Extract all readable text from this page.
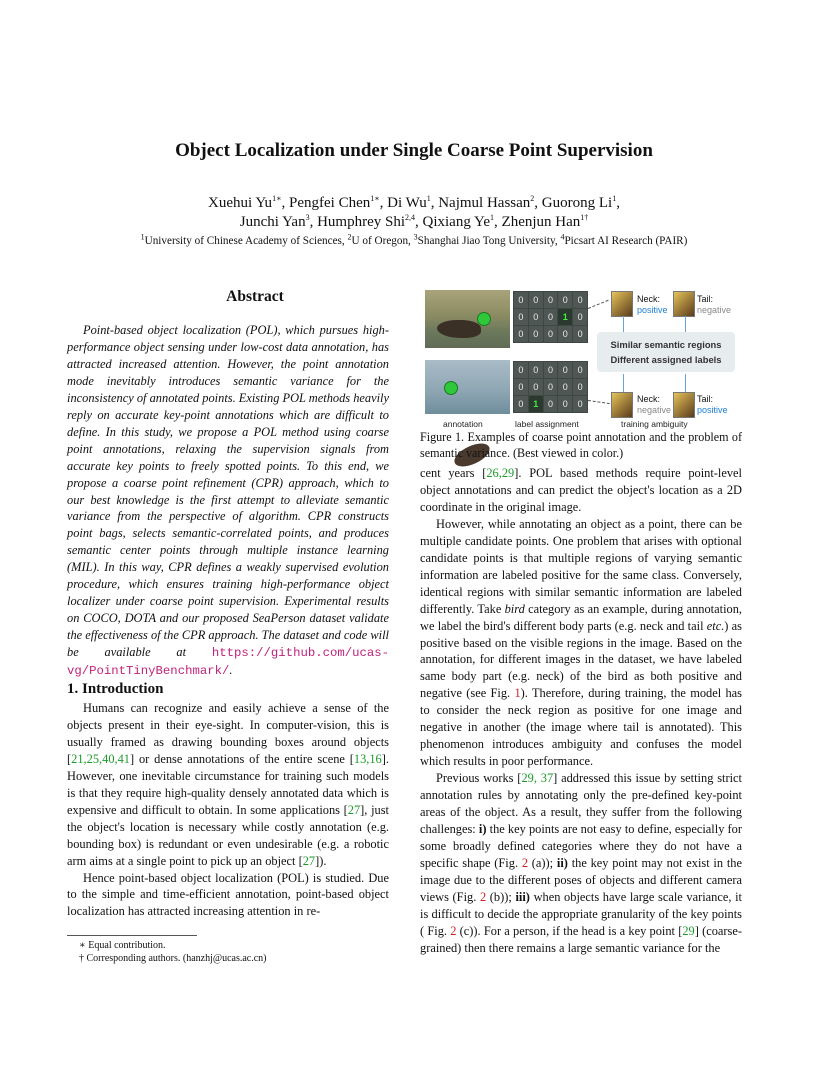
Object Localization under Single Coarse Point Supervision
Xuehui $Yu^{1∗}$, Pengfei Chen$^{1∗}$, Di Wu$^1$, Najmul Hassan$^2$, Guorong Li$^1$,
Junchi Yan$^3$, Humphrey Shi$^{2,4}$, Qixiang Ye$^1$, Zhenjun Han$^{1\dagger}$
$^1$University of Chinese Academy of Sciences, $^2$U of Oregon, $^3$Shanghai Jiao Tong University, $^4$Picsart AI Research (PAIR)
Abstract

Point-based object localization (POL), which pursues high-performance object sensing under low-cost data annotation, has attracted increased attention. However, the point annotation mode inevitably introduces semantic variance for the inconsistency of annotated points. Existing POL methods heavily reply on accurate key-point annotations which are difficult to define. In this study, we propose a POL method using coarse point annotations, relaxing the supervision signals from accurate key points to freely spotted points. To this end, we propose a coarse point refinement (CPR) approach, which to our best knowledge is the first attempt to alleviate semantic variance from the perspective of algorithm. CPR constructs point bags, selects semantic-correlated points, and produces semantic center points through multiple instance learning (MIL). In this way, CPR defines a weakly supervised evolution procedure, which ensures training high-performance object localizer under coarse point supervision. Experimental results on COCO, DOTA and our proposed SeaPerson dataset validate the effectiveness of the CPR approach. The dataset and code will be available at https://github.com/ucas-vg/PointTinyBenchmark/.

1. Introduction

Humans can recognize and easily achieve a sense of the objects present in their eye-sight. In computer-vision, this is usually framed as drawing bounding boxes around objects [21,25,40,41] or dense annotations of the entire scene [13,16]. However, one inevitable circumstance for training such models is that they require high-quality densely annotated data which is expensive and difficult to obtain. In some applications [27], just the object's location is necessary while costly annotation (e.g. bounding box) is redundant or even undesirable (e.g. a robotic arm aims at a single point to pick up an object [27]).

Hence point-based object localization (POL) is studied. Due to the simple and time-efficient annotation, point-based object localization has attracted increasing attention in re-

∗ Equal contribution.
† Corresponding authors. (hanzhj@ucas.ac.cn)
0	0	0	0	0
0	0	0	1	0
0	0	0	0	0
0	0	0	0	0
0	0	0	0	0
0	1	0	0	0
Neck:
positive
Tail:
negative
Similar semantic regions
Different assigned labels
Neck:
negative
Tail:
positive
annotation	label assignment	training ambiguity
Figure 1. Examples of coarse point annotation and the problem of semantic variance. (Best viewed in color.)

cent years [26,29]. POL based methods require point-level object annotations and can predict the object's location as a 2D coordinate in the original image.

However, while annotating an object as a point, there can be multiple candidate points. One problem that arises with optional candidate points is that multiple regions of varying semantic information are labeled positive for the same class. Conversely, identical regions with similar semantic information are labeled differently. Take bird category as an example, during annotation, we label the bird's different body parts (e.g. neck and tail etc.) as positive based on the visible regions in the image. Based on the annotation, for different images in the dataset, we have labeled same body part (e.g. neck) of the bird as both positive and negative (see Fig. 1). Therefore, during training, the model has to consider the neck region as positive for one image and negative in another (the image where tail is annotated). This phenomenon introduces ambiguity and confuses the model which results in poor performance.

Previous works [29, 37] addressed this issue by setting strict annotation rules by annotating only the pre-defined key-point areas of the object. As a result, they suffer from the following challenges: i) the key points are not easy to define, especially for some broadly defined categories where they do not have a specific shape (Fig. 2 (a)); ii) the key point may not exist in the image due to the different poses of objects and different camera views (Fig. 2 (b)); iii) when objects have large scale variance, it is difficult to decide the appropriate granularity of the key points ( Fig. 2 (c)). For a person, if the head is a key point [29] (coarse-grained) then there remains a large semantic variance for the
